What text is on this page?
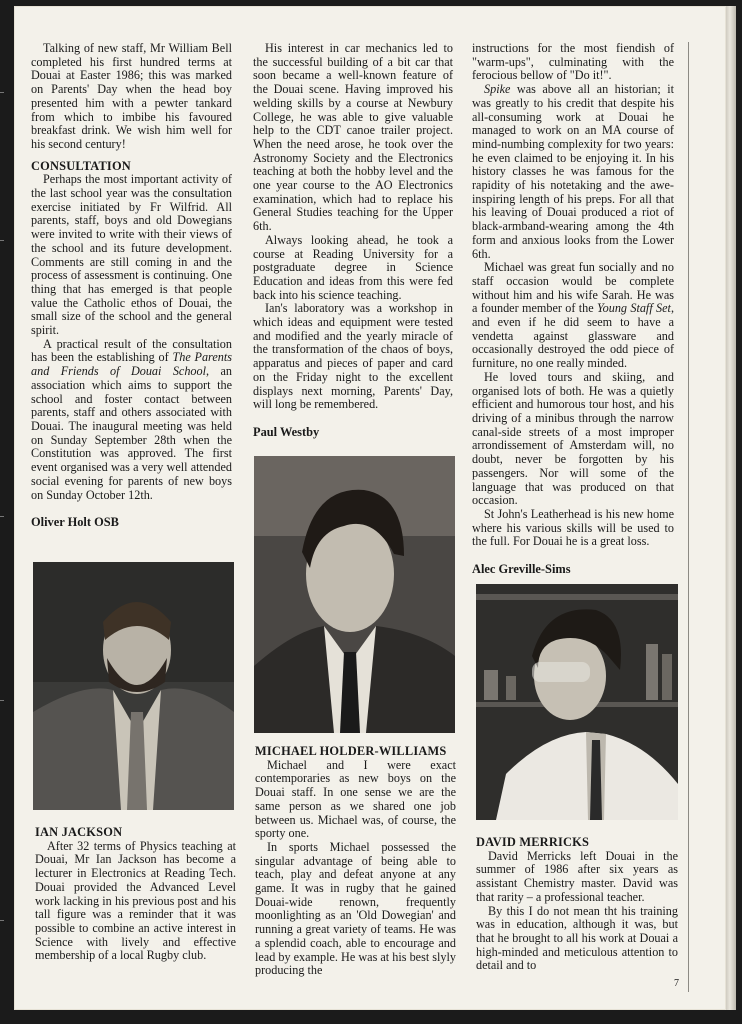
Talking of new staff, Mr William Bell completed his first hundred terms at Douai at Easter 1986; this was marked on Parents' Day when the head boy presented him with a pewter tankard from which to imbibe his favoured breakfast drink. We wish him well for his second century!

CONSULTATION

Perhaps the most important activity of the last school year was the consultation exercise initiated by Fr Wilfrid. All parents, staff, boys and old Dowegians were invited to write with their views of the school and its future development. Comments are still coming in and the process of assessment is continuing. One thing that has emerged is that people value the Catholic ethos of Douai, the small size of the school and the general spirit.

A practical result of the consultation has been the establishing of The Parents and Friends of Douai School, an association which aims to support the school and foster contact between parents, staff and others associated with Douai. The inaugural meeting was held on Sunday September 28th when the Constitution was approved. The first event organised was a very well attended social evening for parents of new boys on Sunday October 12th.

Oliver Holt OSB

IAN JACKSON

After 32 terms of Physics teaching at Douai, Mr Ian Jackson has become a lecturer in Electronics at Reading Tech. Douai provided the Advanced Level work lacking in his previous post and his tall figure was a reminder that it was possible to combine an active interest in Science with lively and effective membership of a local Rugby club.

His interest in car mechanics led to the successful building of a bit car that soon became a well-known feature of the Douai scene. Having improved his welding skills by a course at Newbury College, he was able to give valuable help to the CDT canoe trailer project. When the need arose, he took over the Astronomy Society and the Electronics teaching at both the hobby level and the one year course to the AO Electronics examination, which had to replace his General Studies teaching for the Upper 6th.

Always looking ahead, he took a course at Reading University for a postgraduate degree in Science Education and ideas from this were fed back into his science teaching.

Ian's laboratory was a workshop in which ideas and equipment were tested and modified and the yearly miracle of the transformation of the chaos of boys, apparatus and pieces of paper and card on the Friday night to the excellent displays next morning, Parents' Day, will long be remembered.

Paul Westby

MICHAEL HOLDER-WILLIAMS

Michael and I were exact contemporaries as new boys on the Douai staff. In one sense we are the same person as we shared one job between us. Michael was, of course, the sporty one.

In sports Michael possessed the singular advantage of being able to teach, play and defeat anyone at any game. It was in rugby that he gained Douai-wide renown, frequently moonlighting as an 'Old Dowegian' and running a great variety of teams. He was a splendid coach, able to encourage and lead by example. He was at his best slyly producing the

instructions for the most fiendish of "warm-ups", culminating with the ferocious bellow of "Do it!".

Spike was above all an historian; it was greatly to his credit that despite his all-consuming work at Douai he managed to work on an MA course of mind-numbing complexity for two years: he even claimed to be enjoying it. In his history classes he was famous for the rapidity of his notetaking and the awe-inspiring length of his preps. For all that his leaving of Douai produced a riot of black-armband-wearing among the 4th form and anxious looks from the Lower 6th.

Michael was great fun socially and no staff occasion would be complete without him and his wife Sarah. He was a founder member of the Young Staff Set, and even if he did seem to have a vendetta against glassware and occasionally destroyed the odd piece of furniture, no one really minded.

He loved tours and skiing, and organised lots of both. He was a quietly efficient and humorous tour host, and his driving of a minibus through the narrow canal-side streets of a most improper arrondissement of Amsterdam will, no doubt, never be forgotten by his passengers. Nor will some of the language that was produced on that occasion.

St John's Leatherhead is his new home where his various skills will be used to the full. For Douai he is a great loss.

Alec Greville-Sims

DAVID MERRICKS

David Merricks left Douai in the summer of 1986 after six years as assistant Chemistry master. David was that rarity – a professional teacher.

By this I do not mean tht his training was in education, although it was, but that he brought to all his work at Douai a high-minded and meticulous attention to detail and to

7
